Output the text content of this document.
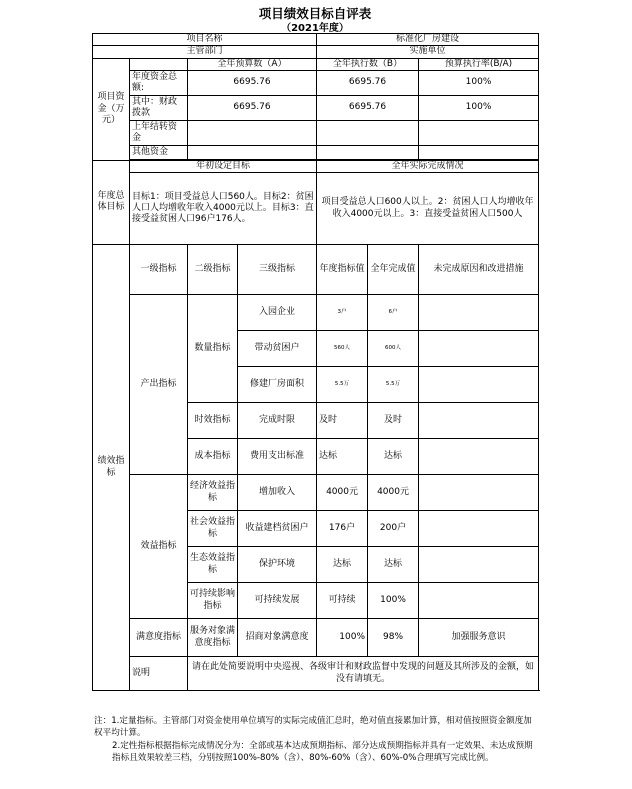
项目绩效目标自评表
（2021年度）
项目名称				标准化厂房建设		
主管部门				实施单位		
项目资金（万元）		全年预算数（A）		全年执行数（B）		预算执行率(B/A)
	年度资金总额:	6695.76		6695.76		100%
	其中：财政拨款	6695.76		6695.76		100%
	上年结转资金					
	其他资金					

年度总体目标	年初设定目标			全年实际完成情况		
	目标1：项目受益总人口560人。目标2：贫困人口人均增收年收入4000元以上。目标3：直接受益贫困人口96户176人。			项目受益总人口600人以上。2：贫困人口人均增收年收入4000元以上。3：直接受益贫困人口500人		
绩效指标	一级指标	二级指标	三级指标	年度指标值	全年完成值	未完成原因和改进措施
	产出指标	数量指标	入园企业	3户	6户	
			带动贫困户	560人	600人	
			修建厂房面积	5.5万	5.5万	
		时效指标	完成时限	及时	及时	
		成本指标	费用支出标准	达标	达标	
	效益指标	经济效益指标	增加收入	4000元	4000元	
		社会效益指标	收益建档贫困户	176户	200户	
		生态效益指标	保护环境	达标	达标	
		可持续影响指标	可持续发展	可持续	100%	
	满意度指标	服务对象满意度指标	招商对象满意度	100%	98%	加强服务意识
	说明	请在此处简要说明中央巡视、各级审计和财政监督中发现的问题及其所涉及的金额，如没有请填无。				

注：1.定量指标。主管部门对资金使用单位填写的实际完成值汇总时，绝对值直接累加计算，相对值按照资金额度加权平均计算。

2.定性指标根据指标完成情况分为：全部或基本达成预期指标、部分达成预期指标并具有一定效果、未达成预期指标且效果较差三档，分别按照100%-80%（含）、80%-60%（含）、60%-0%合理填写完成比例。
